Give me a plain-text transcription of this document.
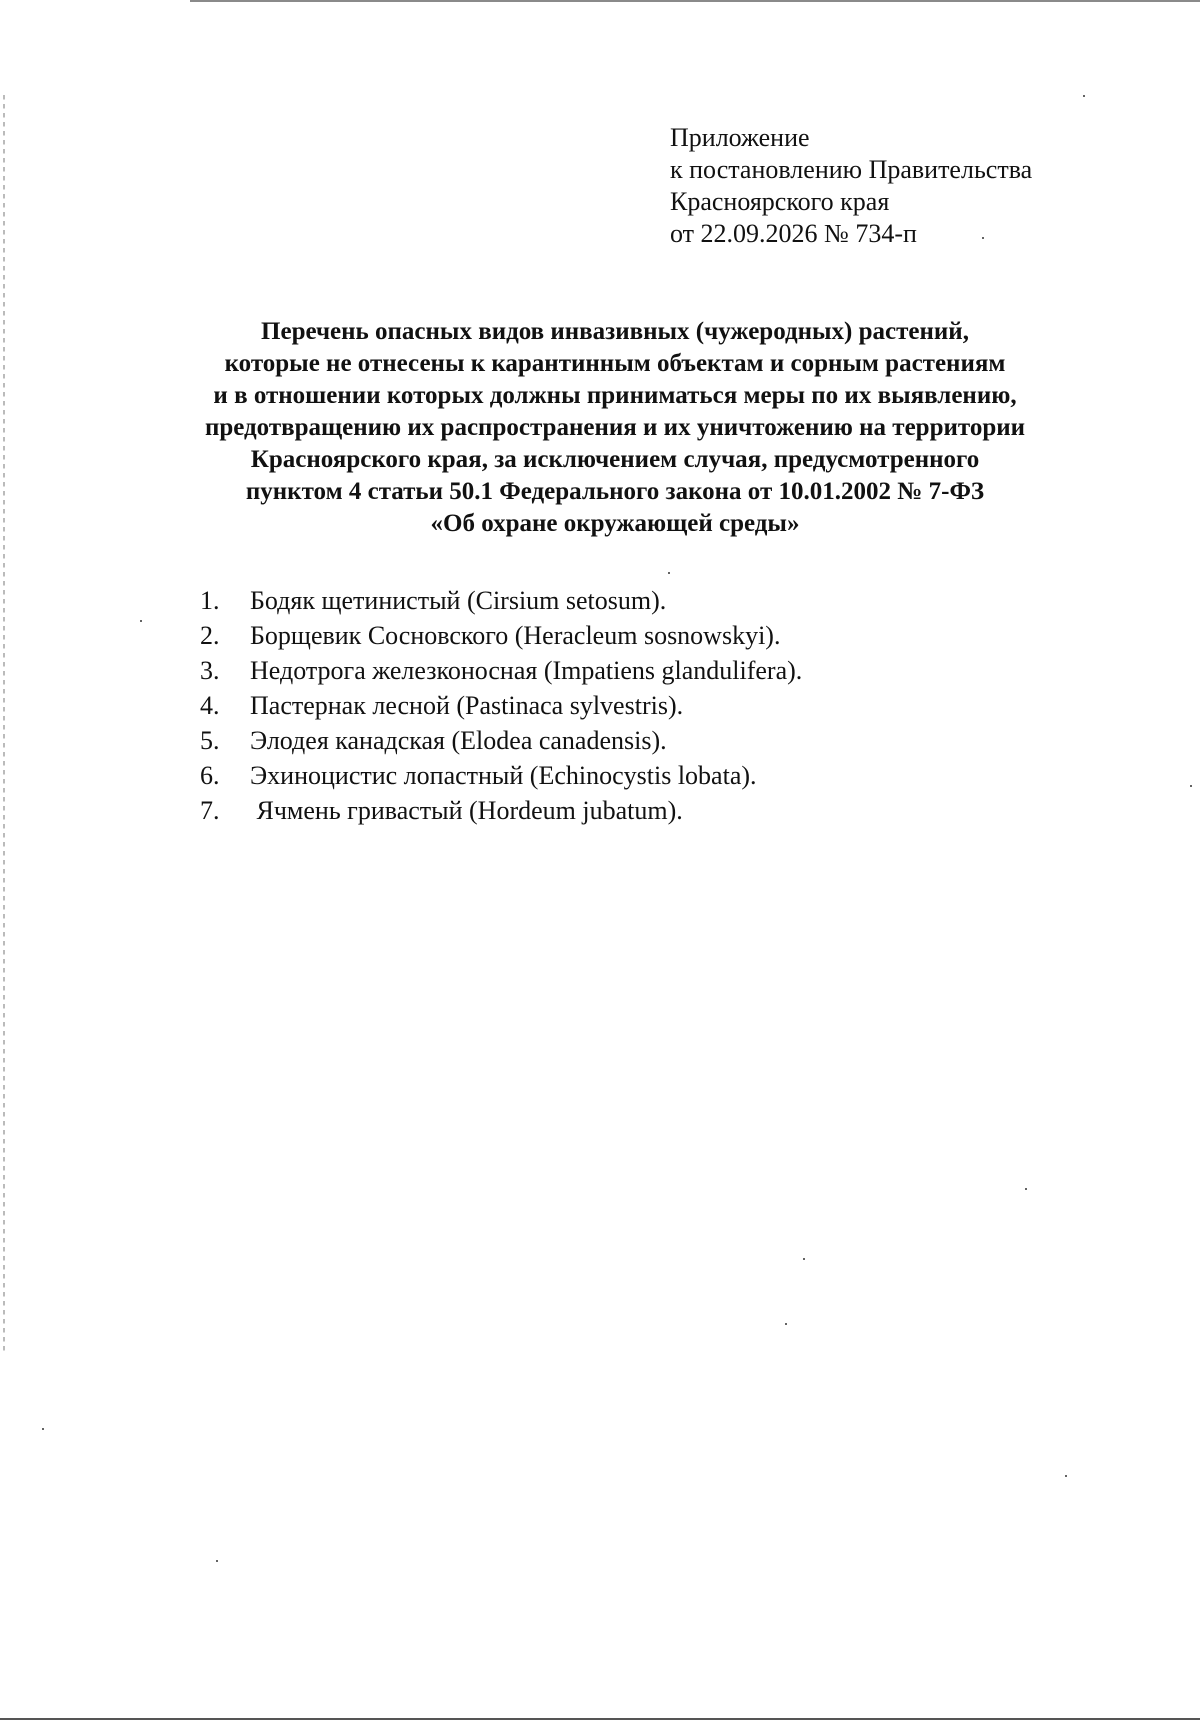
Приложение
к постановлению Правительства
Красноярского края
от 22.09.2026 № 734-п
Перечень опасных видов инвазивных (чужеродных) растений,
которые не отнесены к карантинным объектам и сорным растениям
и в отношении которых должны приниматься меры по их выявлению,
предотвращению их распространения и их уничтожению на территории
Красноярского края, за исключением случая, предусмотренного
пунктом 4 статьи 50.1 Федерального закона от 10.01.2002 № 7-ФЗ
«Об охране окружающей среды»
1.	Бодяк щетинистый (Cirsium setosum).
2.	Борщевик Сосновского (Heracleum sosnowskyi).
3.	Недотрога железконосная (Impatiens glandulifera).
4.	Пастернак лесной (Pastinaca sylvestris).
5.	Элодея канадская (Elodea canadensis).
6.	Эхиноцистис лопастный (Echinocystis lobata).
7.	Ячмень гривастый (Hordeum jubatum).
